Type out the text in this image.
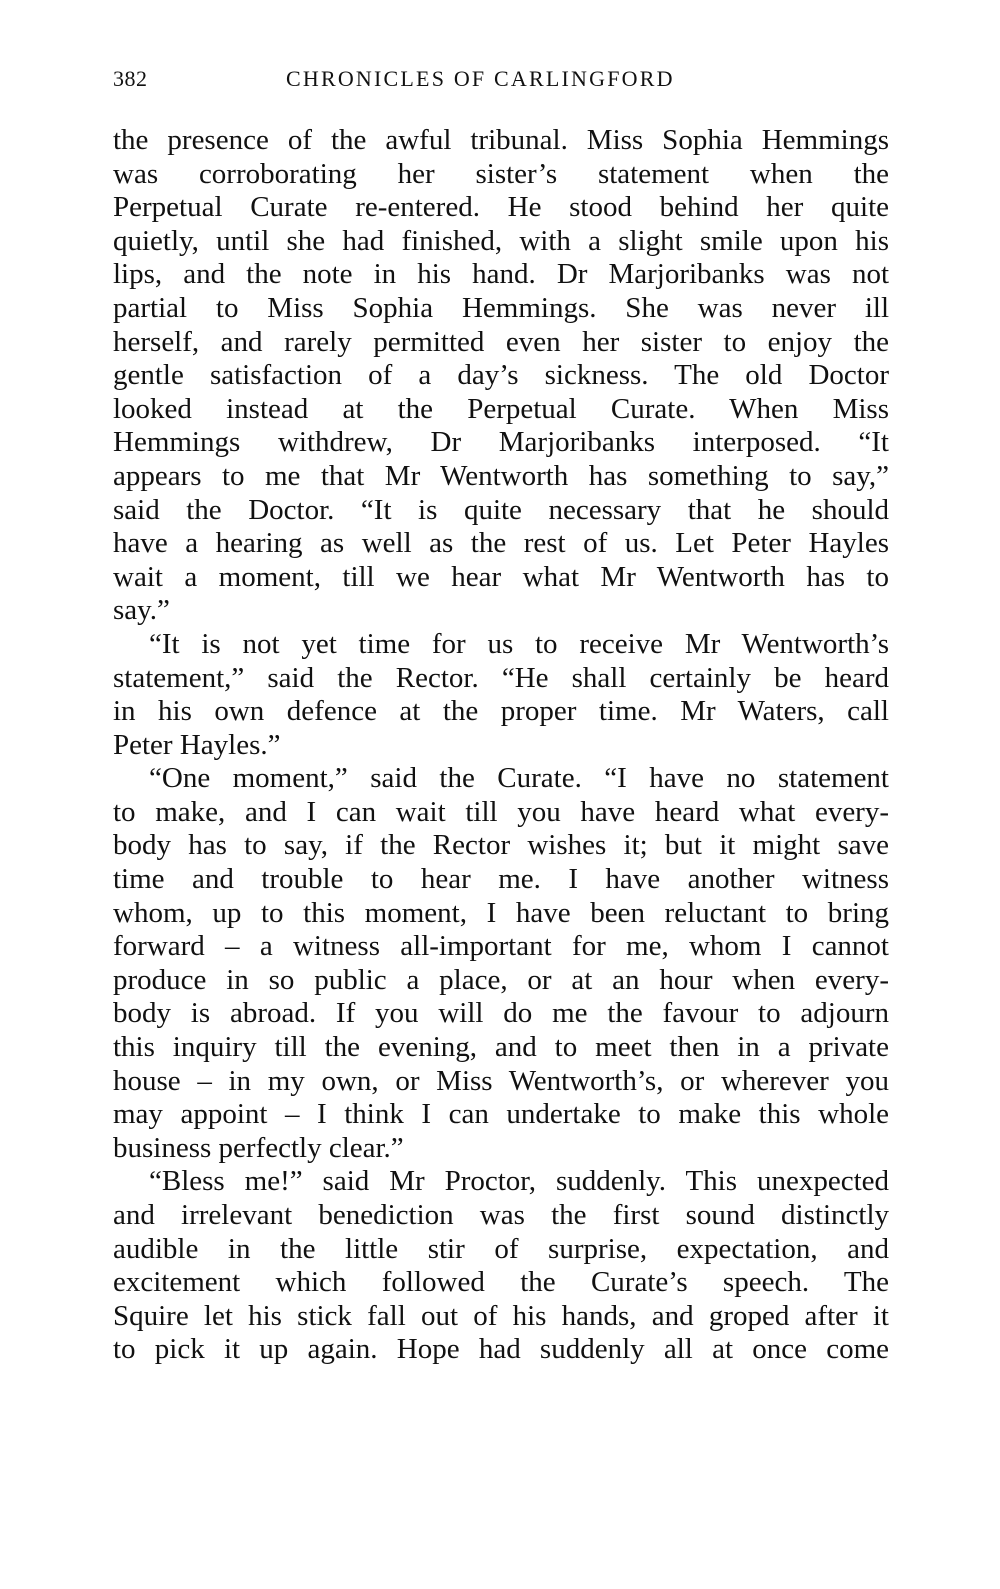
382	CHRONICLES OF CARLINGFORD
the presence of the awful tribunal. Miss Sophia Hemmings
was corroborating her sister’s statement when the
Perpetual Curate re-entered. He stood behind her quite
quietly, until she had finished, with a slight smile upon his
lips, and the note in his hand. Dr Marjoribanks was not
partial to Miss Sophia Hemmings. She was never ill
herself, and rarely permitted even her sister to enjoy the
gentle satisfaction of a day’s sickness. The old Doctor
looked instead at the Perpetual Curate. When Miss
Hemmings withdrew, Dr Marjoribanks interposed. “It
appears to me that Mr Wentworth has something to say,”
said the Doctor. “It is quite necessary that he should
have a hearing as well as the rest of us. Let Peter Hayles
wait a moment, till we hear what Mr Wentworth has to
say.”
“It is not yet time for us to receive Mr Wentworth’s
statement,” said the Rector. “He shall certainly be heard
in his own defence at the proper time. Mr Waters, call
Peter Hayles.”
“One moment,” said the Curate. “I have no statement
to make, and I can wait till you have heard what every-
body has to say, if the Rector wishes it; but it might save
time and trouble to hear me. I have another witness
whom, up to this moment, I have been reluctant to bring
forward – a witness all-important for me, whom I cannot
produce in so public a place, or at an hour when every-
body is abroad. If you will do me the favour to adjourn
this inquiry till the evening, and to meet then in a private
house – in my own, or Miss Wentworth’s, or wherever you
may appoint – I think I can undertake to make this whole
business perfectly clear.”
“Bless me!” said Mr Proctor, suddenly. This unexpected
and irrelevant benediction was the first sound distinctly
audible in the little stir of surprise, expectation, and
excitement which followed the Curate’s speech. The
Squire let his stick fall out of his hands, and groped after it
to pick it up again. Hope had suddenly all at once come
